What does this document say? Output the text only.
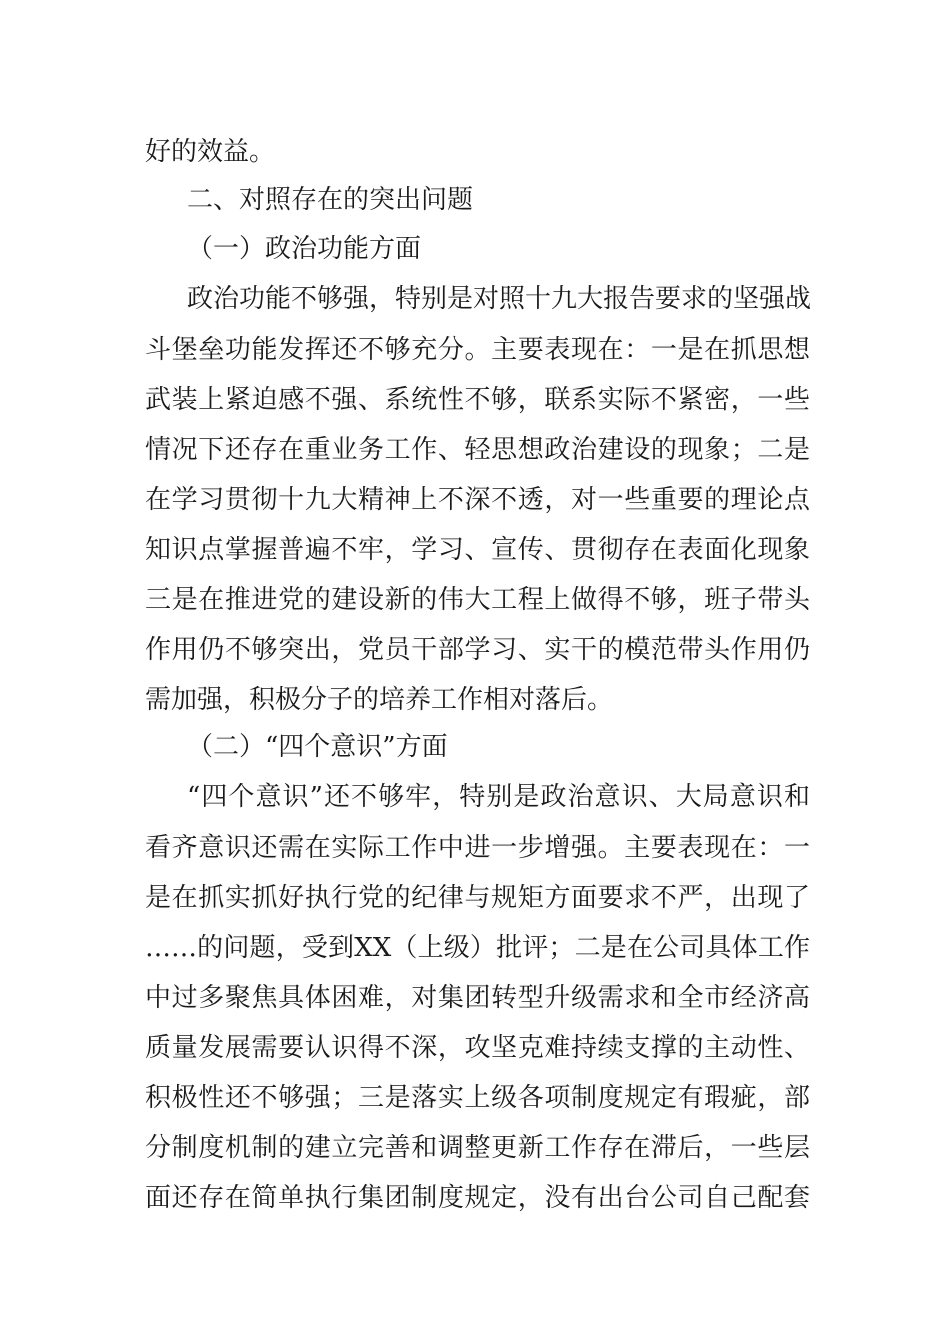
好的效益。
二、对照存在的突出问题
（一）政治功能方面
政治功能不够强，特别是对照十九大报告要求的坚强战
斗堡垒功能发挥还不够充分。主要表现在：一是在抓思想
武装上紧迫感不强、系统性不够，联系实际不紧密，一些
情况下还存在重业务工作、轻思想政治建设的现象；二是
在学习贯彻十九大精神上不深不透，对一些重要的理论点
知识点掌握普遍不牢，学习、宣传、贯彻存在表面化现象
三是在推进党的建设新的伟大工程上做得不够，班子带头
作用仍不够突出，党员干部学习、实干的模范带头作用仍
需加强，积极分子的培养工作相对落后。
（二）“四个意识”方面
“四个意识”还不够牢，特别是政治意识、大局意识和
看齐意识还需在实际工作中进一步增强。主要表现在：一
是在抓实抓好执行党的纪律与规矩方面要求不严，出现了
……的问题，受到XX（上级）批评；二是在公司具体工作
中过多聚焦具体困难，对集团转型升级需求和全市经济高
质量发展需要认识得不深，攻坚克难持续支撑的主动性、
积极性还不够强；三是落实上级各项制度规定有瑕疵，部
分制度机制的建立完善和调整更新工作存在滞后，一些层
面还存在简单执行集团制度规定，没有出台公司自己配套
